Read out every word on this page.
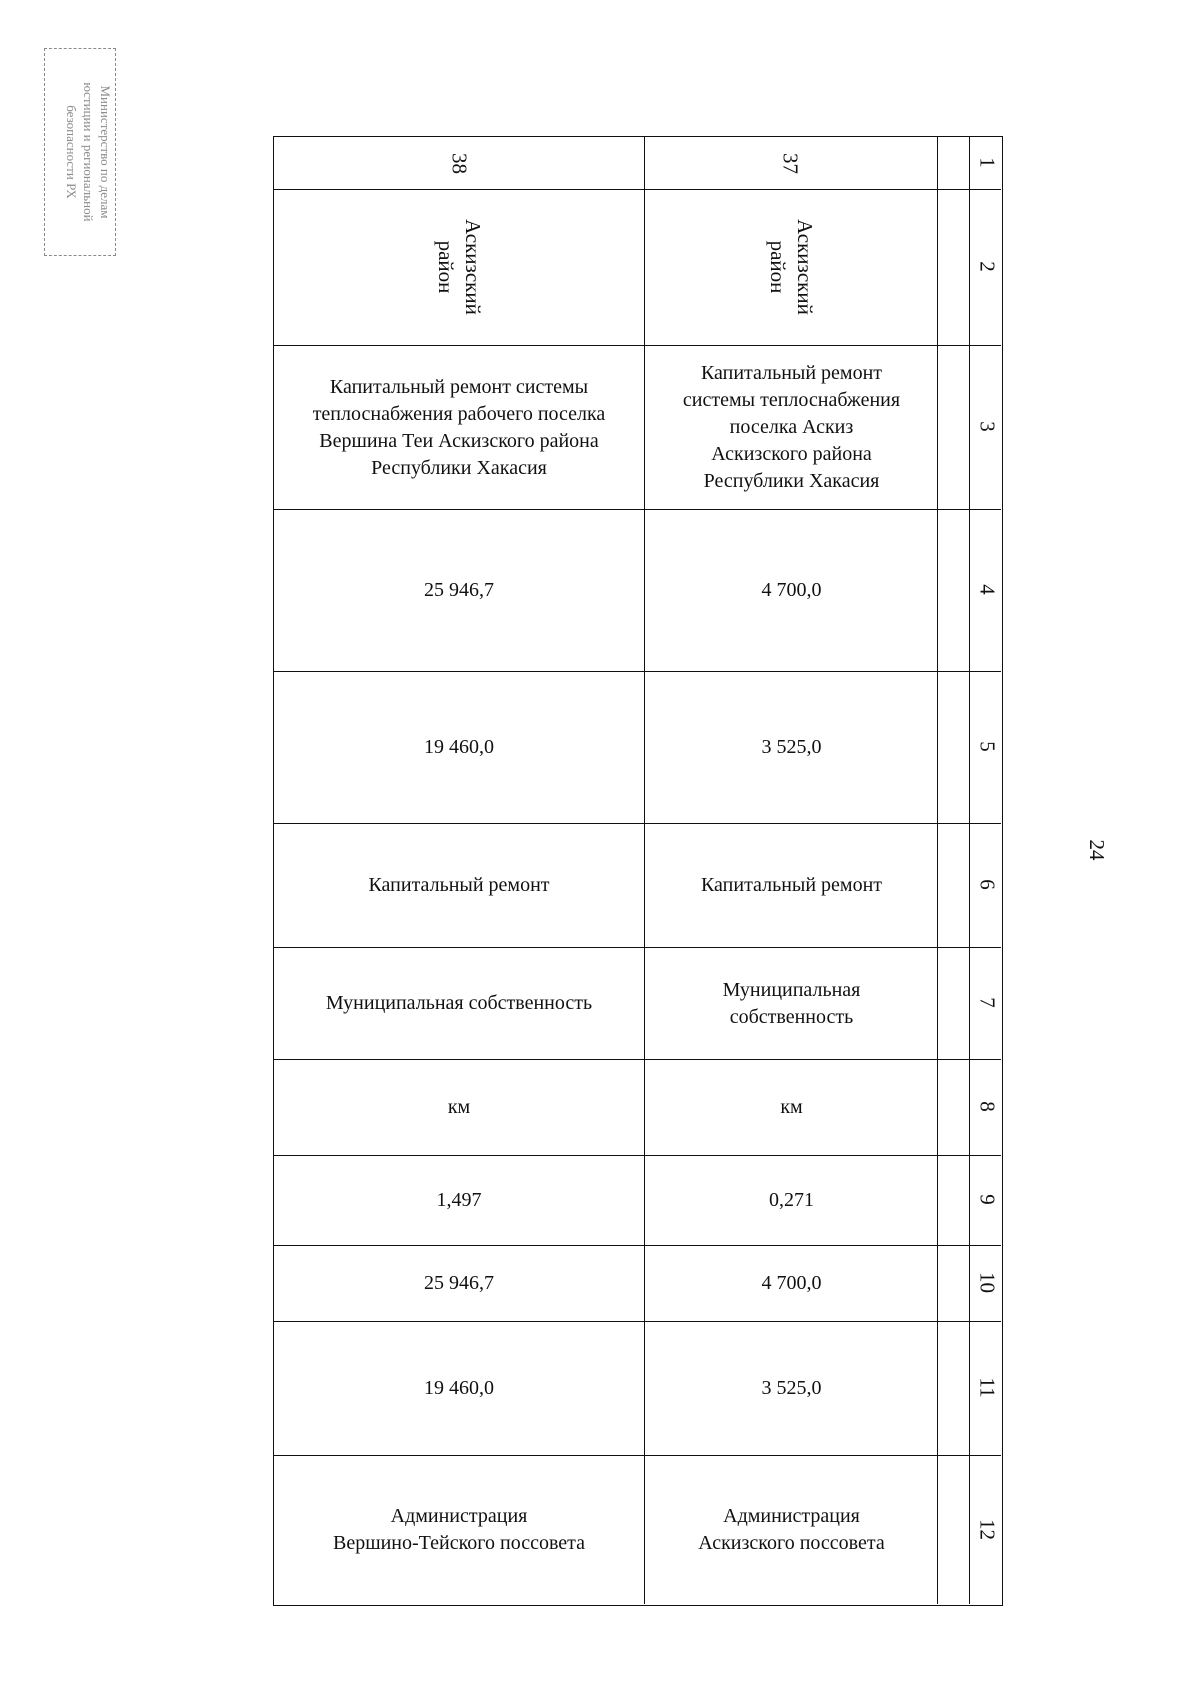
Министерство по делам
юстиции и региональной
безопасности РХ
24
1
2
3
4
5
6
7
8
9
10
11
12
37
38
Аскизский
район
Аскизский
район
Капитальный ремонт
системы теплоснабжения
поселка Аскиз
Аскизского района
Республики Хакасия
Капитальный ремонт системы
теплоснабжения рабочего поселка
Вершина Теи Аскизского района
Республики Хакасия
4 700,0
25 946,7
3 525,0
19 460,0
Капитальный ремонт
Капитальный ремонт
Муниципальная
собственность
Муниципальная собственность
км
км
0,271
1,497
4 700,0
25 946,7
3 525,0
19 460,0
Администрация
Аскизского поссовета
Администрация
Вершино-Тейского поссовета
